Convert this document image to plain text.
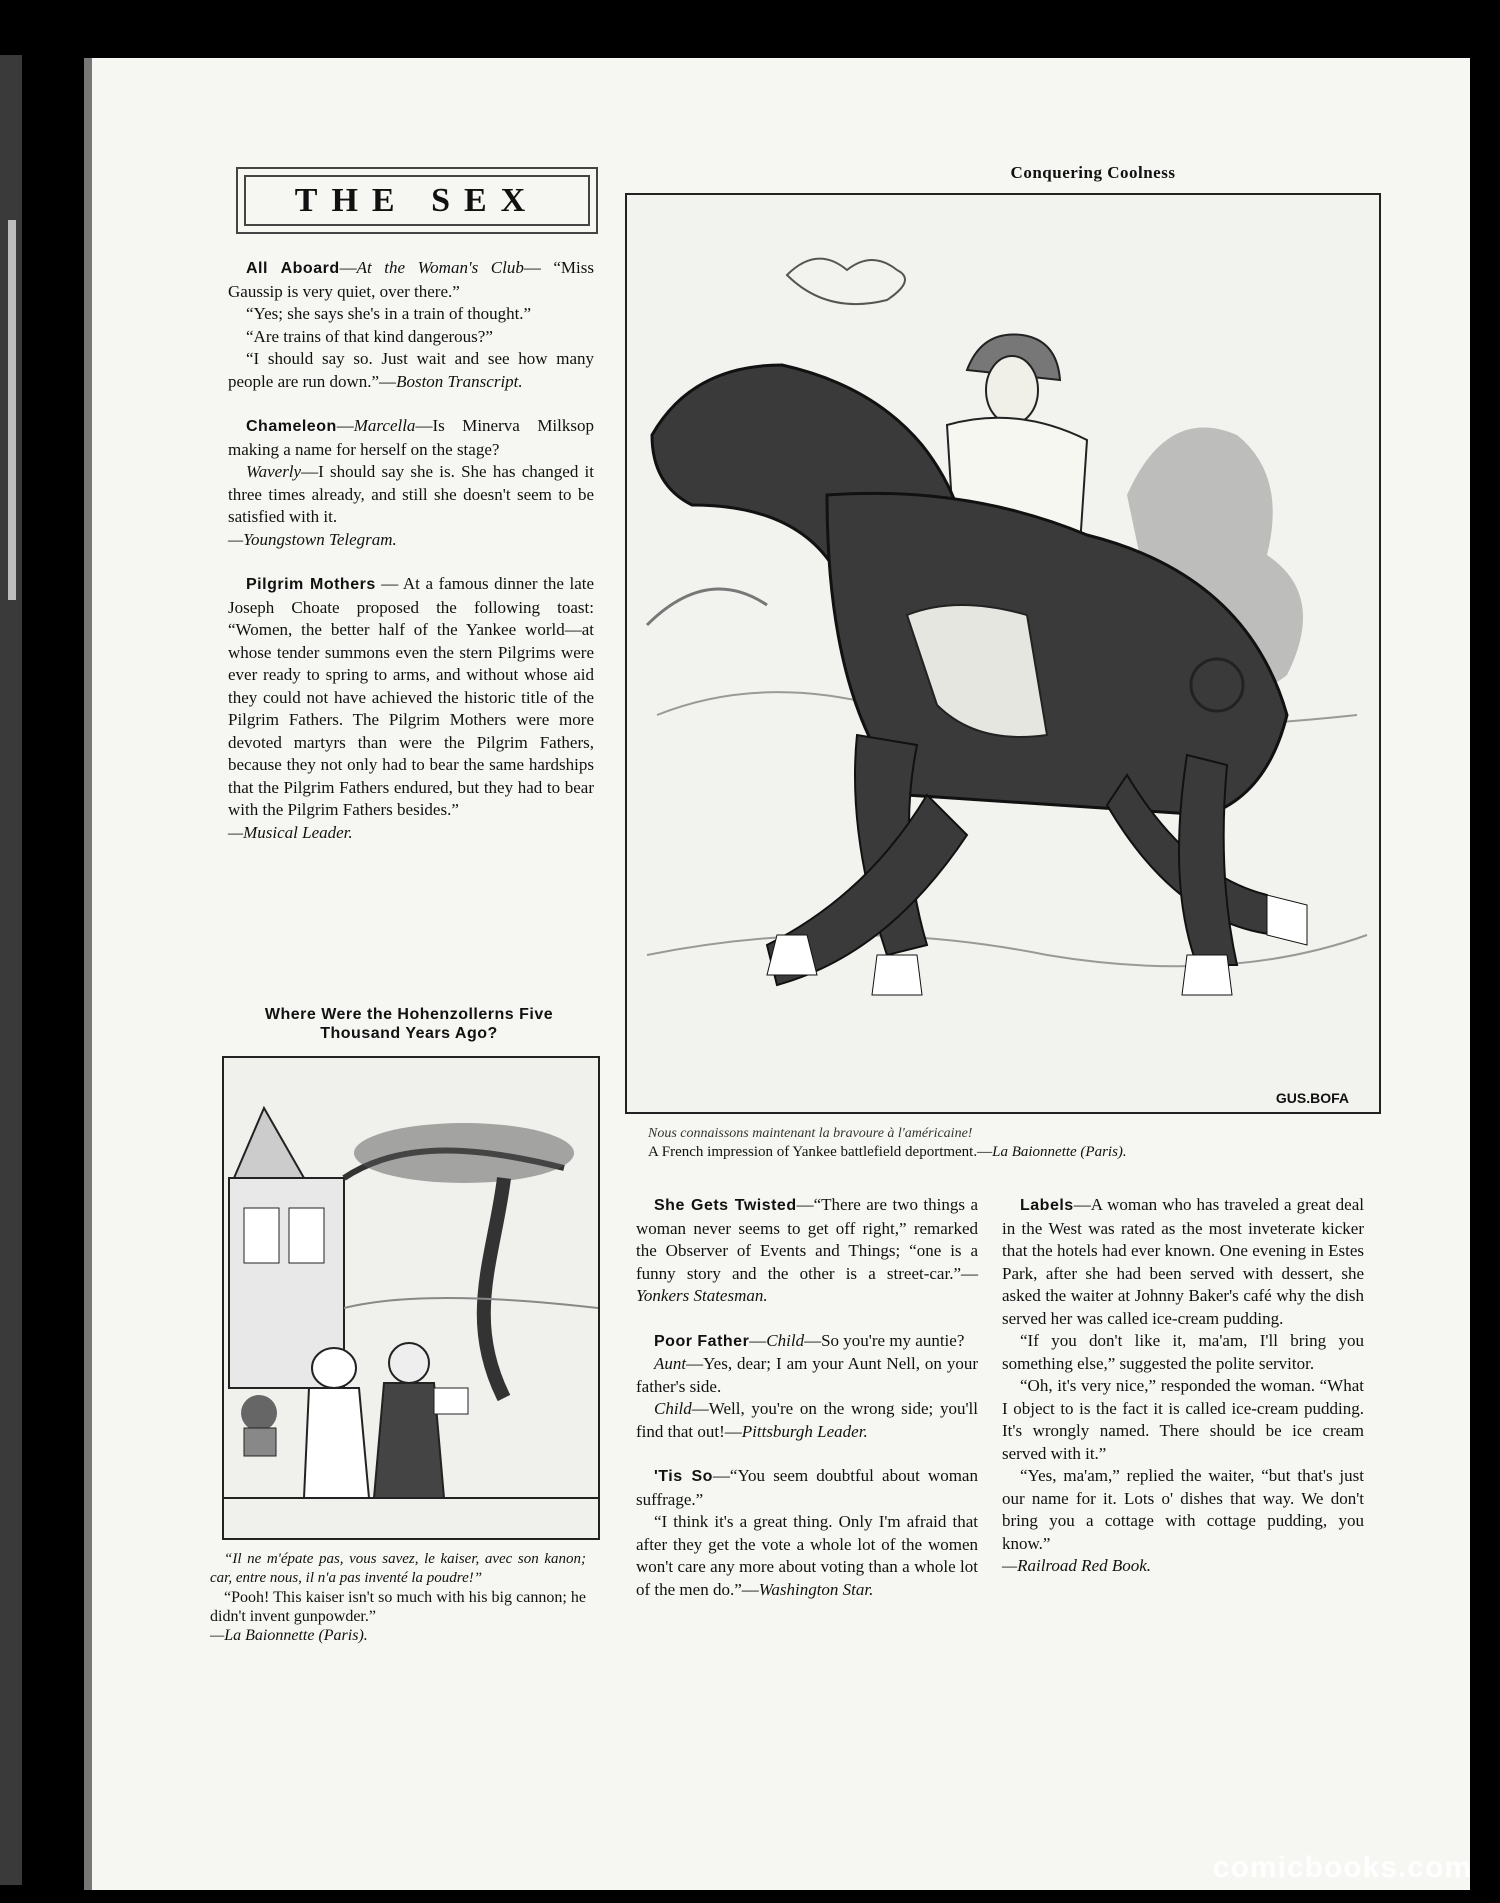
THE SEX

All Aboard—At the Woman's Club— “Miss Gaussip is very quiet, over there.”

“Yes; she says she's in a train of thought.”

“Are trains of that kind dangerous?”

“I should say so. Just wait and see how many people are run down.”—Boston Transcript.

Chameleon—Marcella—Is Minerva Milksop making a name for herself on the stage?

Waverly—I should say she is. She has changed it three times already, and still she doesn't seem to be satisfied with it.

—Youngstown Telegram.

Pilgrim Mothers — At a famous dinner the late Joseph Choate proposed the following toast: “Women, the better half of the Yankee world—at whose tender summons even the stern Pilgrims were ever ready to spring to arms, and without whose aid they could not have achieved the historic title of the Pilgrim Fathers. The Pilgrim Mothers were more devoted martyrs than were the Pilgrim Fathers, because they not only had to bear the same hardships that the Pilgrim Fathers endured, but they had to bear with the Pilgrim Fathers besides.”

—Musical Leader.

Where Were the Hohenzollerns Five
Thousand Years Ago?

“Il ne m'épate pas, vous savez, le kaiser, avec son kanon; car, entre nous, il n'a pas inventé la poudre!”

“Pooh! This kaiser isn't so much with his big cannon; he didn't invent gunpowder.”

—La Baionnette (Paris).

Conquering Coolness
GUS.BOFA

Nous connaissons maintenant la bravoure à l'américaine!

A French impression of Yankee battlefield deportment.—La Baionnette (Paris).

She Gets Twisted—“There are two things a woman never seems to get off right,” remarked the Observer of Events and Things; “one is a funny story and the other is a street-car.”—Yonkers Statesman.

Poor Father—Child—So you're my auntie?

Aunt—Yes, dear; I am your Aunt Nell, on your father's side.

Child—Well, you're on the wrong side; you'll find that out!—Pittsburgh Leader.

'Tis So—“You seem doubtful about woman suffrage.”

“I think it's a great thing. Only I'm afraid that after they get the vote a whole lot of the women won't care any more about voting than a whole lot of the men do.”—Washington Star.

Labels—A woman who has traveled a great deal in the West was rated as the most inveterate kicker that the hotels had ever known. One evening in Estes Park, after she had been served with dessert, she asked the waiter at Johnny Baker's café why the dish served her was called ice-cream pudding.

“If you don't like it, ma'am, I'll bring you something else,” suggested the polite servitor.

“Oh, it's very nice,” responded the woman. “What I object to is the fact it is called ice-cream pudding. It's wrongly named. There should be ice cream served with it.”

“Yes, ma'am,” replied the waiter, “but that's just our name for it. Lots o' dishes that way. We don't bring you a cottage with cottage pudding, you know.”

—Railroad Red Book.

comicbooks.com
